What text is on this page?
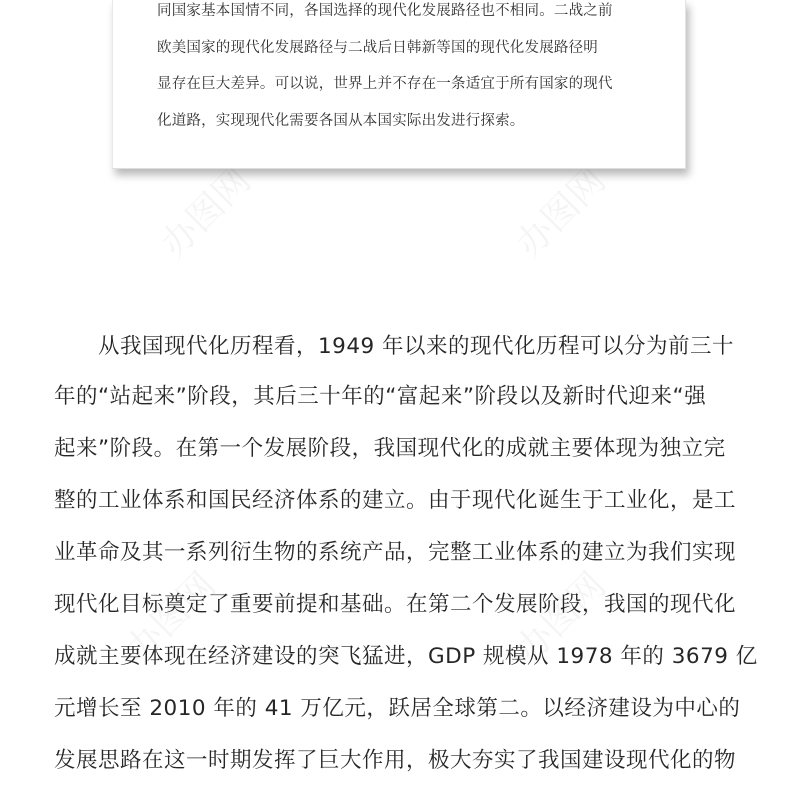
同国家基本国情不同，各国选择的现代化发展路径也不相同。二战之前
欧美国家的现代化发展路径与二战后日韩新等国的现代化发展路径明
显存在巨大差异。可以说，世界上并不存在一条适宜于所有国家的现代
化道路，实现现代化需要各国从本国实际出发进行探索。
从我国现代化历程看，1949 年以来的现代化历程可以分为前三十
年的“站起来”阶段，其后三十年的“富起来”阶段以及新时代迎来“强
起来”阶段。在第一个发展阶段，我国现代化的成就主要体现为独立完
整的工业体系和国民经济体系的建立。由于现代化诞生于工业化，是工
业革命及其一系列衍生物的系统产品，完整工业体系的建立为我们实现
现代化目标奠定了重要前提和基础。在第二个发展阶段，我国的现代化
成就主要体现在经济建设的突飞猛进，GDP 规模从 1978 年的 3679 亿
元增长至 2010 年的 41 万亿元，跃居全球第二。以经济建设为中心的
发展思路在这一时期发挥了巨大作用，极大夯实了我国建设现代化的物
